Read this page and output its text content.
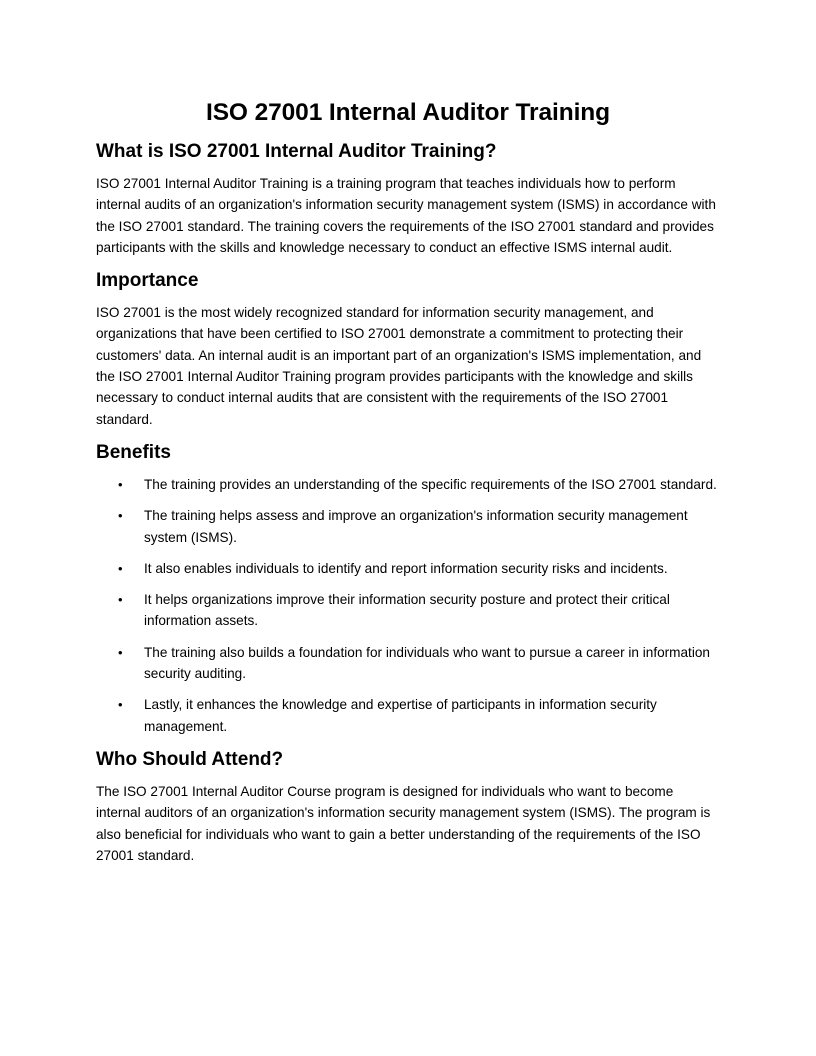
ISO 27001 Internal Auditor Training
What is ISO 27001 Internal Auditor Training?

ISO 27001 Internal Auditor Training is a training program that teaches individuals how to perform internal audits of an organization's information security management system (ISMS) in accordance with the ISO 27001 standard. The training covers the requirements of the ISO 27001 standard and provides participants with the skills and knowledge necessary to conduct an effective ISMS internal audit.

Importance

ISO 27001 is the most widely recognized standard for information security management, and organizations that have been certified to ISO 27001 demonstrate a commitment to protecting their customers' data. An internal audit is an important part of an organization's ISMS implementation, and the ISO 27001 Internal Auditor Training program provides participants with the knowledge and skills necessary to conduct internal audits that are consistent with the requirements of the ISO 27001 standard.

Benefits
• The training provides an understanding of the specific requirements of the ISO 27001 standard.
• The training helps assess and improve an organization's information security management system (ISMS).
• It also enables individuals to identify and report information security risks and incidents.
• It helps organizations improve their information security posture and protect their critical information assets.
• The training also builds a foundation for individuals who want to pursue a career in information security auditing.
• Lastly, it enhances the knowledge and expertise of participants in information security management.
Who Should Attend?

The ISO 27001 Internal Auditor Course program is designed for individuals who want to become internal auditors of an organization's information security management system (ISMS). The program is also beneficial for individuals who want to gain a better understanding of the requirements of the ISO 27001 standard.
